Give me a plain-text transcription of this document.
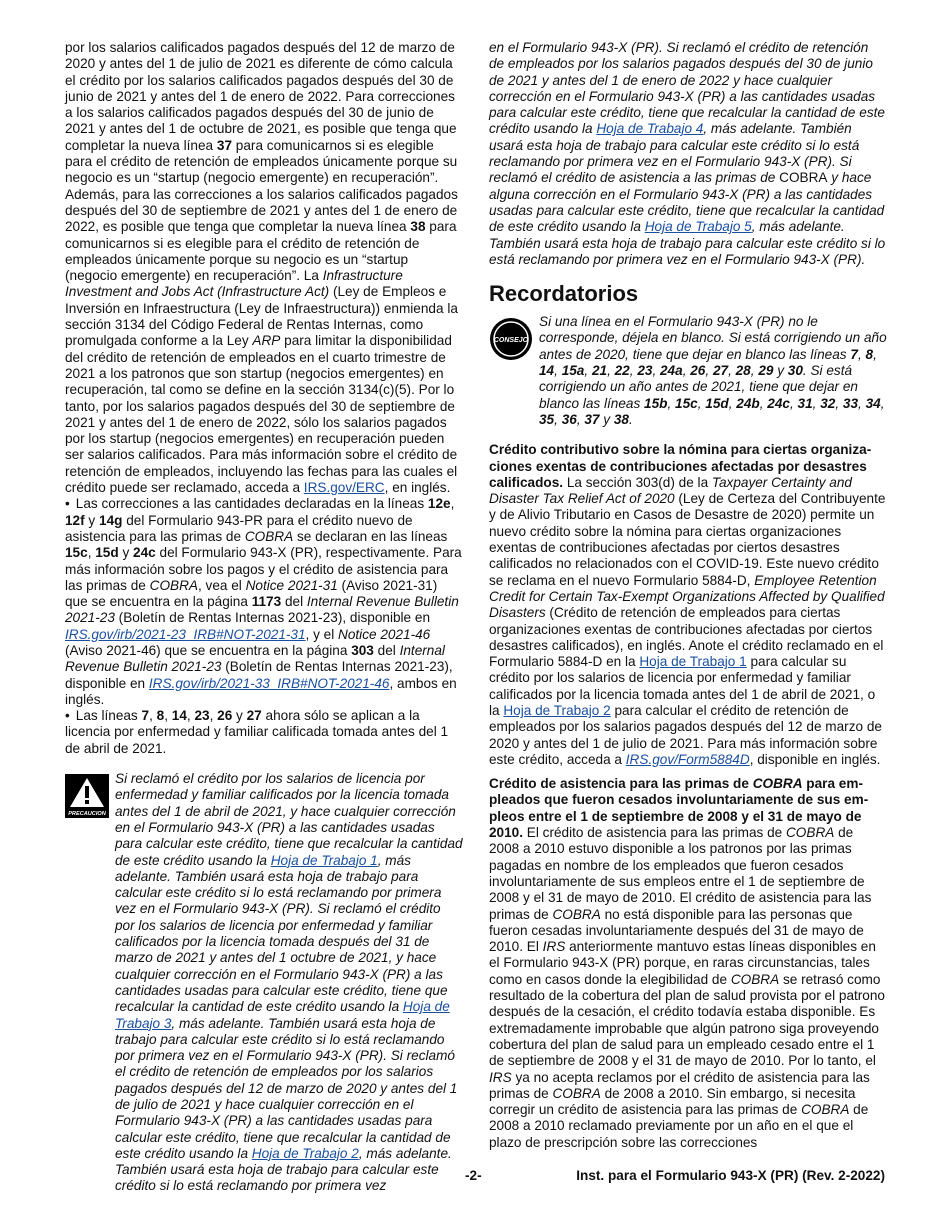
por los salarios calificados pagados después del 12 de marzo de 2020 y antes del 1 de julio de 2021 es diferente de cómo calcula el crédito por los salarios calificados pagados después del 30 de junio de 2021 y antes del 1 de enero de 2022. Para correcciones a los salarios calificados pagados después del 30 de junio de 2021 y antes del 1 de octubre de 2021, es posible que tenga que completar la nueva línea 37 para comunicarnos si es elegible para el crédito de retención de empleados únicamente porque su negocio es un “startup (negocio emergente) en recuperación”. Además, para las correcciones a los salarios calificados pagados después del 30 de septiembre de 2021 y antes del 1 de enero de 2022, es posible que tenga que completar la nueva línea 38 para comunicarnos si es elegible para el crédito de retención de empleados únicamente porque su negocio es un “startup (negocio emergente) en recuperación”. La Infrastructure Investment and Jobs Act (Infrastructure Act) (Ley de Empleos e Inversión en Infraestructura (Ley de Infraestructura)) enmienda la sección 3134 del Código Federal de Rentas Internas, como promulgada conforme a la Ley ARP para limitar la disponibilidad del crédito de retención de empleados en el cuarto trimestre de 2021 a los patronos que son startup (negocios emergentes) en recuperación, tal como se define en la sección 3134(c)(5). Por lo tanto, por los salarios pagados después del 30 de septiembre de 2021 y antes del 1 de enero de 2022, sólo los salarios pagados por los startup (negocios emergentes) en recuperación pueden ser salarios calificados. Para más información sobre el crédito de retención de empleados, incluyendo las fechas para las cuales el crédito puede ser reclamado, acceda a IRS.gov/ERC, en inglés.

• Las correcciones a las cantidades declaradas en la líneas 12e, 12f y 14g del Formulario 943-PR para el crédito nuevo de asistencia para las primas de COBRA se declaran en las líneas 15c, 15d y 24c del Formulario 943-X (PR), respectivamente. Para más información sobre los pagos y el crédito de asistencia para las primas de COBRA, vea el Notice 2021-31 (Aviso 2021-31) que se encuentra en la página 1173 del Internal Revenue Bulletin 2021-23 (Boletín de Rentas Internas 2021-23), disponible en IRS.gov/irb/2021-23_IRB#NOT-2021-31, y el Notice 2021-46 (Aviso 2021-46) que se encuentra en la página 303 del Internal Revenue Bulletin 2021-23 (Boletín de Rentas Internas 2021-23), disponible en IRS.gov/irb/2021-33_IRB#NOT-2021-46, ambos en inglés.

• Las líneas 7, 8, 14, 23, 26 y 27 ahora sólo se aplican a la licencia por enfermedad y familiar calificada tomada antes del 1 de abril de 2021.

PRECAUCION
Si reclamó el crédito por los salarios de licencia por enfermedad y familiar calificados por la licencia tomada antes del 1 de abril de 2021, y hace cualquier corrección en el Formulario 943-X (PR) a las cantidades usadas para calcular este crédito, tiene que recalcular la cantidad de este crédito usando la Hoja de Trabajo 1, más adelante. También usará esta hoja de trabajo para calcular este crédito si lo está reclamando por primera vez en el Formulario 943-X (PR). Si reclamó el crédito por los salarios de licencia por enfermedad y familiar calificados por la licencia tomada después del 31 de marzo de 2021 y antes del 1 octubre de 2021, y hace cualquier corrección en el Formulario 943-X (PR) a las cantidades usadas para calcular este crédito, tiene que recalcular la cantidad de este crédito usando la Hoja de Trabajo 3, más adelante. También usará esta hoja de trabajo para calcular este crédito si lo está reclamando por primera vez en el Formulario 943-X (PR). Si reclamó el crédito de retención de empleados por los salarios pagados después del 12 de marzo de 2020 y antes del 1 de julio de 2021 y hace cualquier corrección en el Formulario 943-X (PR) a las cantidades usadas para calcular este crédito, tiene que recalcular la cantidad de este crédito usando la Hoja de Trabajo 2, más adelante. También usará esta hoja de trabajo para calcular este crédito si lo está reclamando por primera vez

en el Formulario 943-X (PR). Si reclamó el crédito de retención de empleados por los salarios pagados después del 30 de junio de 2021 y antes del 1 de enero de 2022 y hace cualquier corrección en el Formulario 943-X (PR) a las cantidades usadas para calcular este crédito, tiene que recalcular la cantidad de este crédito usando la Hoja de Trabajo 4, más adelante. También usará esta hoja de trabajo para calcular este crédito si lo está reclamando por primera vez en el Formulario 943-X (PR). Si reclamó el crédito de asistencia a las primas de COBRA y hace alguna corrección en el Formulario 943-X (PR) a las cantidades usadas para calcular este crédito, tiene que recalcular la cantidad de este crédito usando la Hoja de Trabajo 5, más adelante. También usará esta hoja de trabajo para calcular este crédito si lo está reclamando por primera vez en el Formulario 943-X (PR).

Recordatorios

CONSEJO
Si una línea en el Formulario 943-X (PR) no le corresponde, déjela en blanco. Si está corrigiendo un año antes de 2020, tiene que dejar en blanco las líneas 7, 8, 14, 15a, 21, 22, 23, 24a, 26, 27, 28, 29 y 30. Si está corrigiendo un año antes de 2021, tiene que dejar en blanco las líneas 15b, 15c, 15d, 24b, 24c, 31, 32, 33, 34, 35, 36, 37 y 38.

Crédito contributivo sobre la nómina para ciertas organizaciones exentas de contribuciones afectadas por desastres calificados. La sección 303(d) de la Taxpayer Certainty and Disaster Tax Relief Act of 2020 (Ley de Certeza del Contribuyente y de Alivio Tributario en Casos de Desastre de 2020) permite un nuevo crédito sobre la nómina para ciertas organizaciones exentas de contribuciones afectadas por ciertos desastres calificados no relacionados con el COVID-19. Este nuevo crédito se reclama en el nuevo Formulario 5884-D, Employee Retention Credit for Certain Tax-Exempt Organizations Affected by Qualified Disasters (Crédito de retención de empleados para ciertas organizaciones exentas de contribuciones afectadas por ciertos desastres calificados), en inglés. Anote el crédito reclamado en el Formulario 5884-D en la Hoja de Trabajo 1 para calcular su crédito por los salarios de licencia por enfermedad y familiar calificados por la licencia tomada antes del 1 de abril de 2021, o la Hoja de Trabajo 2 para calcular el crédito de retención de empleados por los salarios pagados después del 12 de marzo de 2020 y antes del 1 de julio de 2021. Para más información sobre este crédito, acceda a IRS.gov/Form5884D, disponible en inglés.

Crédito de asistencia para las primas de COBRA para empleados que fueron cesados involuntariamente de sus empleos entre el 1 de septiembre de 2008 y el 31 de mayo de 2010. El crédito de asistencia para las primas de COBRA de 2008 a 2010 estuvo disponible a los patronos por las primas pagadas en nombre de los empleados que fueron cesados involuntariamente de sus empleos entre el 1 de septiembre de 2008 y el 31 de mayo de 2010. El crédito de asistencia para las primas de COBRA no está disponible para las personas que fueron cesadas involuntariamente después del 31 de mayo de 2010. El IRS anteriormente mantuvo estas líneas disponibles en el Formulario 943-X (PR) porque, en raras circunstancias, tales como en casos donde la elegibilidad de COBRA se retrasó como resultado de la cobertura del plan de salud provista por el patrono después de la cesación, el crédito todavía estaba disponible. Es extremadamente improbable que algún patrono siga proveyendo cobertura del plan de salud para un empleado cesado entre el 1 de septiembre de 2008 y el 31 de mayo de 2010. Por lo tanto, el IRS ya no acepta reclamos por el crédito de asistencia para las primas de COBRA de 2008 a 2010. Sin embargo, si necesita corregir un crédito de asistencia para las primas de COBRA de 2008 a 2010 reclamado previamente por un año en el que el plazo de prescripción sobre las correcciones

-2-	Inst. para el Formulario 943-X (PR) (Rev. 2-2022)
